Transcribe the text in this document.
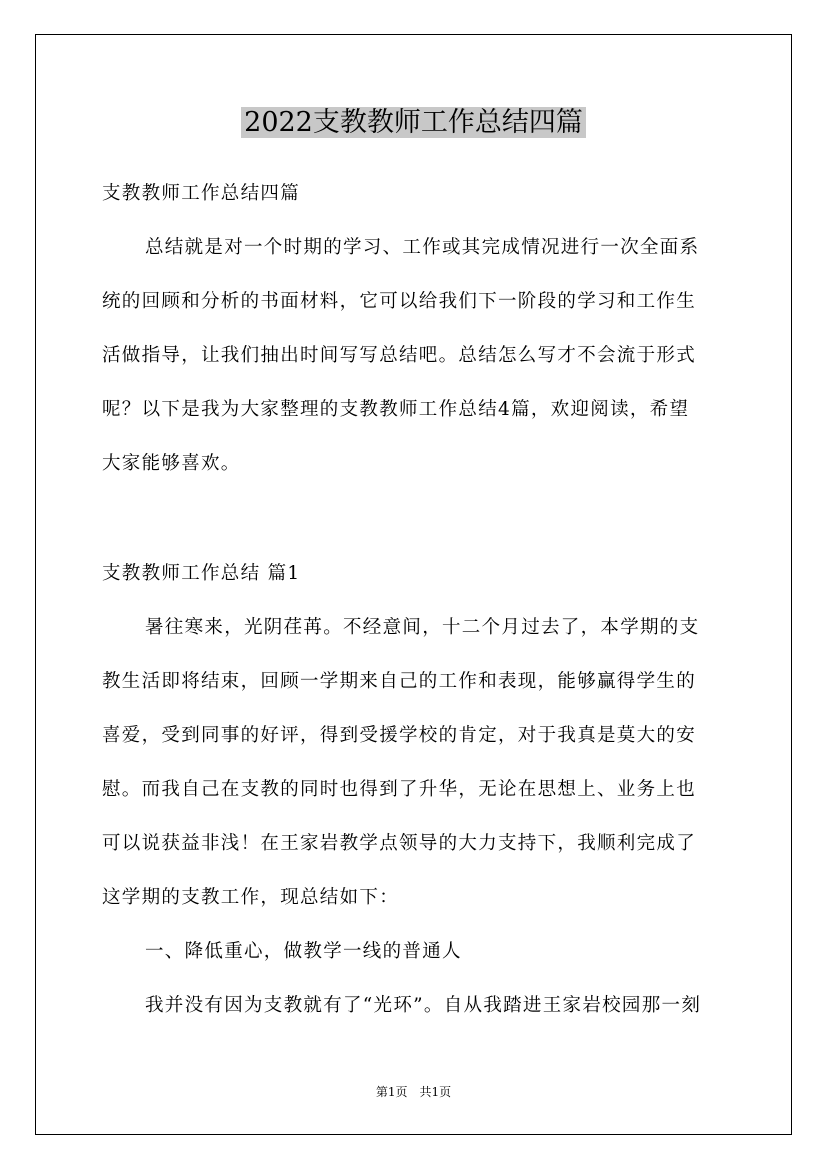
2022支教教师工作总结四篇
支教教师工作总结四篇
总结就是对一个时期的学习、工作或其完成情况进行一次全面系
统的回顾和分析的书面材料，它可以给我们下一阶段的学习和工作生
活做指导，让我们抽出时间写写总结吧。总结怎么写才不会流于形式
呢？以下是我为大家整理的支教教师工作总结4篇，欢迎阅读，希望
大家能够喜欢。
支教教师工作总结 篇1
暑往寒来，光阴荏苒。不经意间，十二个月过去了，本学期的支
教生活即将结束，回顾一学期来自己的工作和表现，能够赢得学生的
喜爱，受到同事的好评，得到受援学校的肯定，对于我真是莫大的安
慰。而我自己在支教的同时也得到了升华，无论在思想上、业务上也
可以说获益非浅！在王家岩教学点领导的大力支持下，我顺利完成了
这学期的支教工作，现总结如下：
一、降低重心，做教学一线的普通人
我并没有因为支教就有了“光环”。自从我踏进王家岩校园那一刻
第1页　共1页
